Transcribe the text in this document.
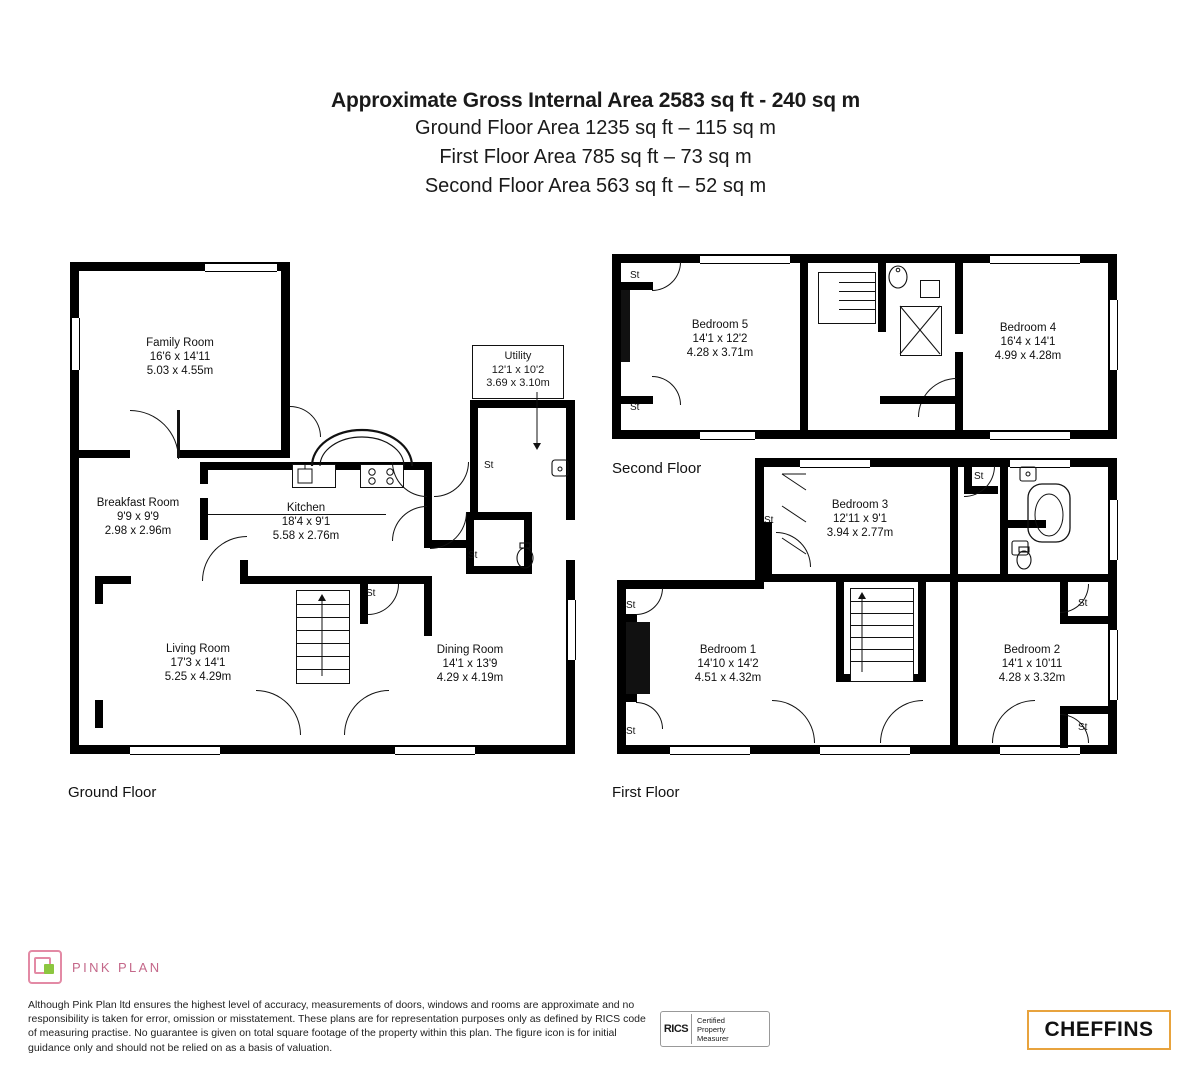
Approximate Gross Internal Area 2583 sq ft - 240 sq m
Ground Floor Area 1235 sq ft – 115 sq m
First Floor Area 785 sq ft – 73 sq m
Second Floor Area 563 sq ft – 52 sq m
Utility
12'1 x 10'2
3.69 x 3.10m
Family Room
16'6 x 14'11
5.03 x 4.55m
Breakfast Room
9'9 x 9'9
2.98 x 2.96m
Kitchen
18'4 x 9'1
5.58 x 2.76m
Living Room
17'3 x 14'1
5.25 x 4.29m
Dining Room
14'1 x 13'9
4.29 x 4.19m
St
St
St
Ground Floor
Bedroom 5
14'1 x 12'2
4.28 x 3.71m
Bedroom 4
16'4 x 14'1
4.99 x 4.28m
St
St
Second Floor
Bedroom 3
12'11 x 9'1
3.94 x 2.77m
Bedroom 1
14'10 x 14'2
4.51 x 4.32m
Bedroom 2
14'1 x 10'11
4.28 x 3.32m
St
St
St
St
St
St
First Floor
PINK PLAN
Although Pink Plan ltd ensures the highest level of accuracy, measurements of doors, windows and rooms are approximate and no responsibility is taken for error, omission or misstatement. These plans are for representation purposes only as defined by RICS code of measuring practise. No guarantee is given on total square footage of the property within this plan. The figure icon is for initial guidance only and should not be relied on as a basis of valuation.
RICS
Certified
Property
Measurer	CHEFFINS
